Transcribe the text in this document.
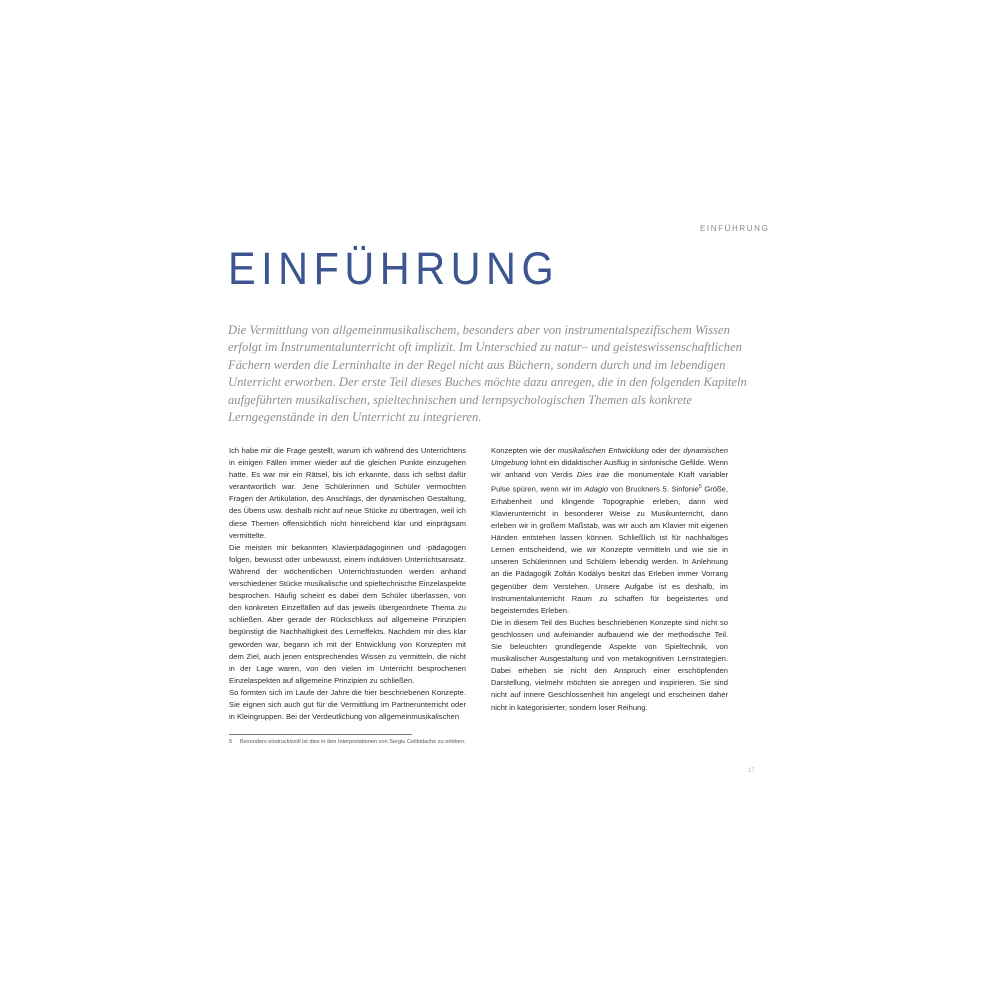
EINFÜHRUNG
EINFÜHRUNG

Die Vermittlung von allgemeinmusikalischem, besonders aber von instrumentalspezifischem Wissen erfolgt im Instrumentalunterricht oft implizit. Im Unterschied zu natur– und geisteswissenschaftlichen Fächern werden die Lerninhalte in der Regel nicht aus Büchern, sondern durch und im lebendigen Unterricht erworben. Der erste Teil dieses Buches möchte dazu anregen, die in den folgenden Kapiteln aufgeführten musikalischen, spieltechnischen und lernpsychologischen Themen als konkrete Lerngegenstände in den Unterricht zu integrieren.

Ich habe mir die Frage gestellt, warum ich während des Unterrichtens in einigen Fällen immer wieder auf die gleichen Punkte einzugehen hatte. Es war mir ein Rätsel, bis ich erkannte, dass ich selbst dafür verantwortlich war. Jene Schülerinnen und Schüler vermochten Fragen der Artikulation, des Anschlags, der dynamischen Gestaltung, des Übens usw. deshalb nicht auf neue Stücke zu übertragen, weil ich diese Themen offensichtlich nicht hinreichend klar und einprägsam vermittelte.

Die meisten mir bekannten Klavierpädagoginnen und -pädagogen folgen, bewusst oder unbewusst, einem induktiven Unterrichtsansatz. Während der wöchentlichen Unterrichtsstunden werden anhand verschiedener Stücke musikalische und spieltechnische Einzelaspekte besprochen. Häufig scheint es dabei dem Schüler überlassen, von den konkreten Einzelfällen auf das jeweils übergeordnete Thema zu schließen. Aber gerade der Rückschluss auf allgemeine Prinzipien begünstigt die Nachhaltigkeit des Lerneffekts. Nachdem mir dies klar geworden war, begann ich mit der Entwicklung von Konzepten mit dem Ziel, auch jenen entsprechendes Wissen zu vermitteln, die nicht in der Lage waren, von den vielen im Unterricht besprochenen Einzelaspekten auf allgemeine Prinzipien zu schließen.

So formten sich im Laufe der Jahre die hier beschriebenen Konzepte. Sie eignen sich auch gut für die Vermittlung im Partnerunterricht oder in Kleingruppen. Bei der Verdeutlichung von allgemeinmusikalischen

Konzepten wie der musikalischen Entwicklung oder der dynamischen Umgebung lohnt ein didaktischer Ausflug in sinfonische Gefilde. Wenn wir anhand von Verdis Dies irae die monumentale Kraft variabler Pulse spüren, wenn wir im Adagio von Bruckners 5. Sinfonie$^5$ Größe, Erhabenheit und klingende Topographie erleben, dann wird Klavierunterricht in besonderer Weise zu Musikunterricht, dann erleben wir in großem Maßstab, was wir auch am Klavier mit eigenen Händen entstehen lassen können. Schließlich ist für nachhaltiges Lernen entscheidend, wie wir Konzepte vermitteln und wie sie in unseren Schülerinnen und Schülern lebendig werden. In Anlehnung an die Pädagogik Zoltán Kodálys besitzt das Erleben immer Vorrang gegenüber dem Verstehen. Unsere Aufgabe ist es deshalb, im Instrumentalunterricht Raum zu schaffen für begeistertes und begeisterndes Erleben.

Die in diesem Teil des Buches beschriebenen Konzepte sind nicht so geschlossen und aufeinander aufbauend wie der methodische Teil. Sie beleuchten grundlegende Aspekte von Spieltechnik, von musikalischer Ausgestaltung und von metakognitiven Lernstrategien. Dabei erheben sie nicht den Anspruch einer erschöpfenden Darstellung, vielmehr möchten sie anregen und inspirieren. Sie sind nicht auf innere Geschlossenheit hin angelegt und erscheinen daher nicht in kategorisierter, sondern loser Reihung.

5 Besonders eindrucksvoll ist dies in den Interpretationen von Sergiu Celibidache zu erleben.
17
